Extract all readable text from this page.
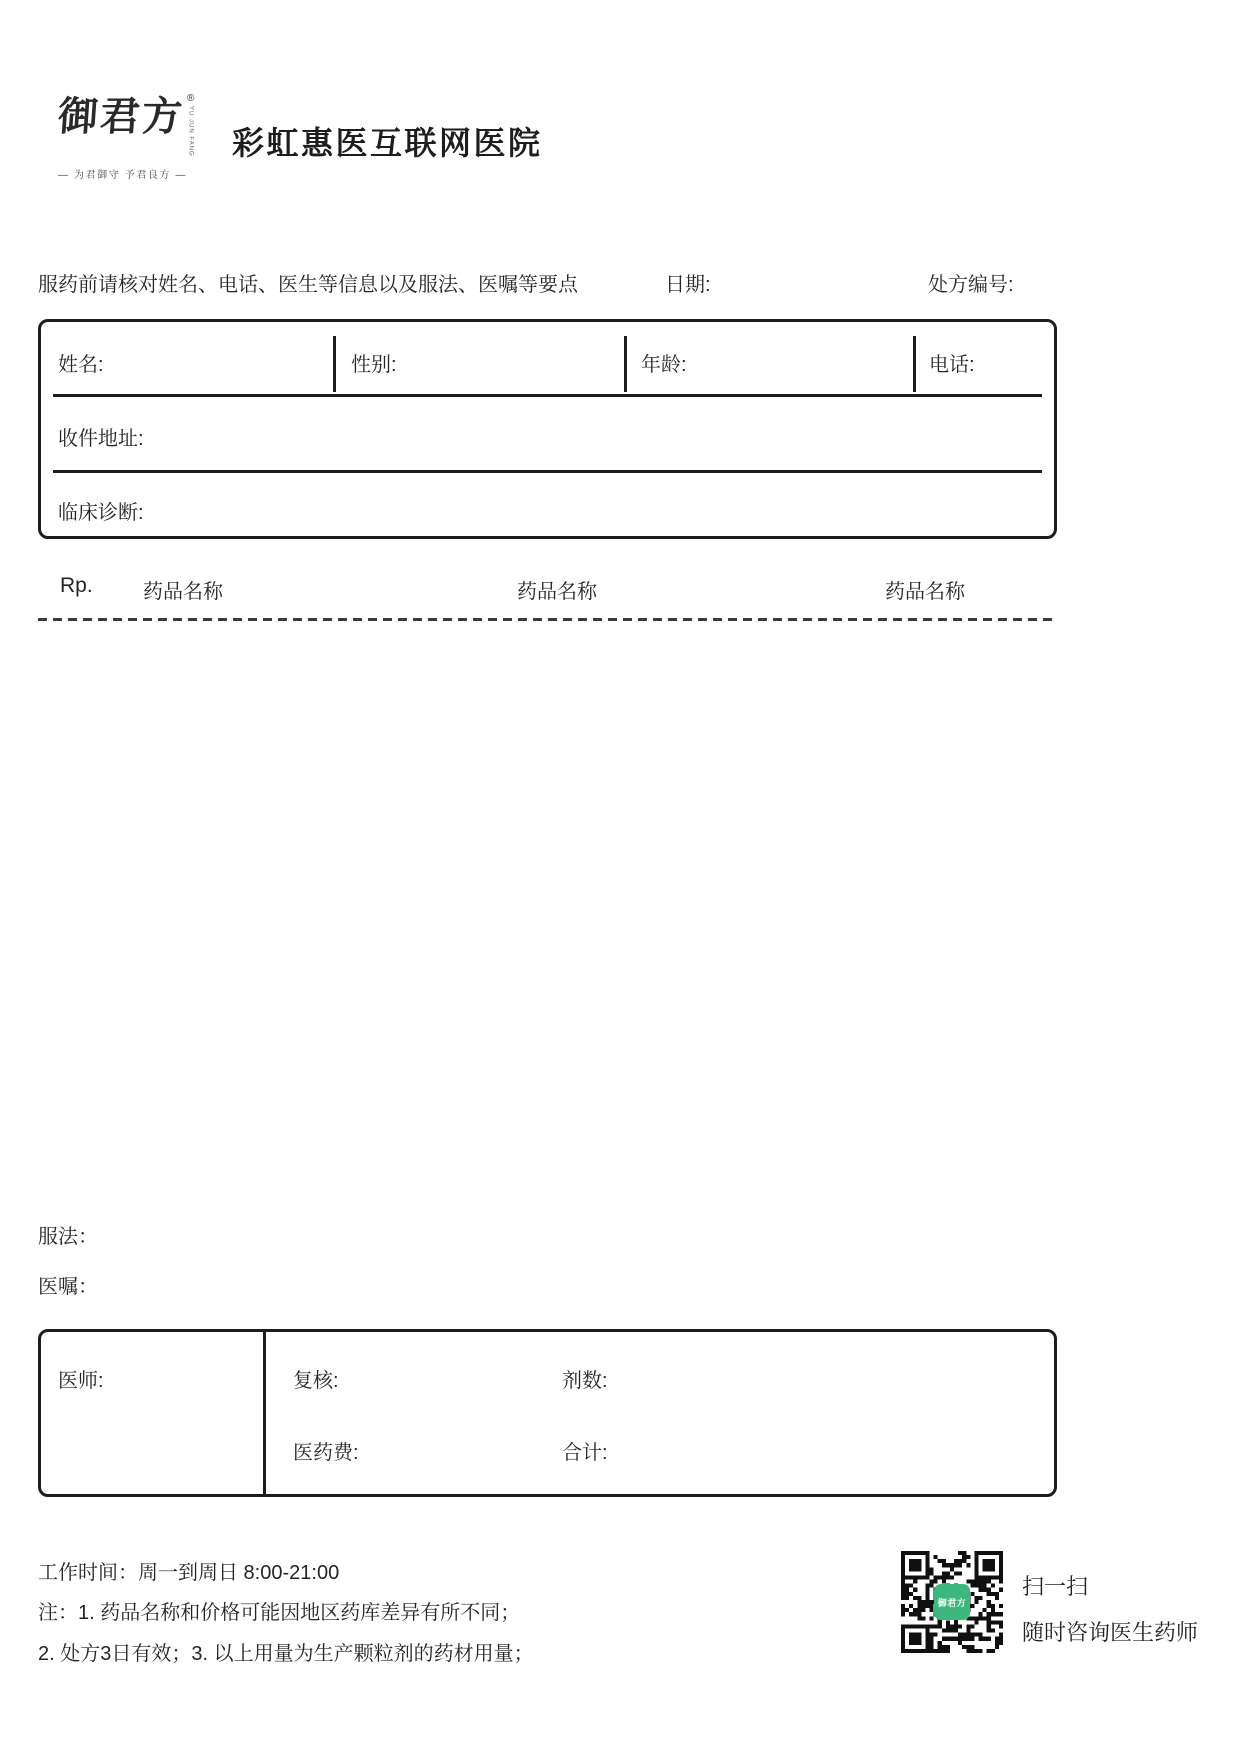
御君方 ®
YU JUN FANG
— 为君御守 予君良方 —
彩虹惠医互联网医院
服药前请核对姓名、电话、医生等信息以及服法、医嘱等要点	日期:	处方编号:
姓名:	性别:	年龄:	电话:
收件地址:
临床诊断:
Rp.	药品名称	药品名称	药品名称
服法：
医嘱：
医师:	复核:	剂数:
医药费:	合计:
工作时间：周一到周日 8:00-21:00
注：1. 药品名称和价格可能因地区药库差异有所不同；
2. 处方3日有效；3. 以上用量为生产颗粒剂的药材用量；
御君方
扫一扫
随时咨询医生药师
